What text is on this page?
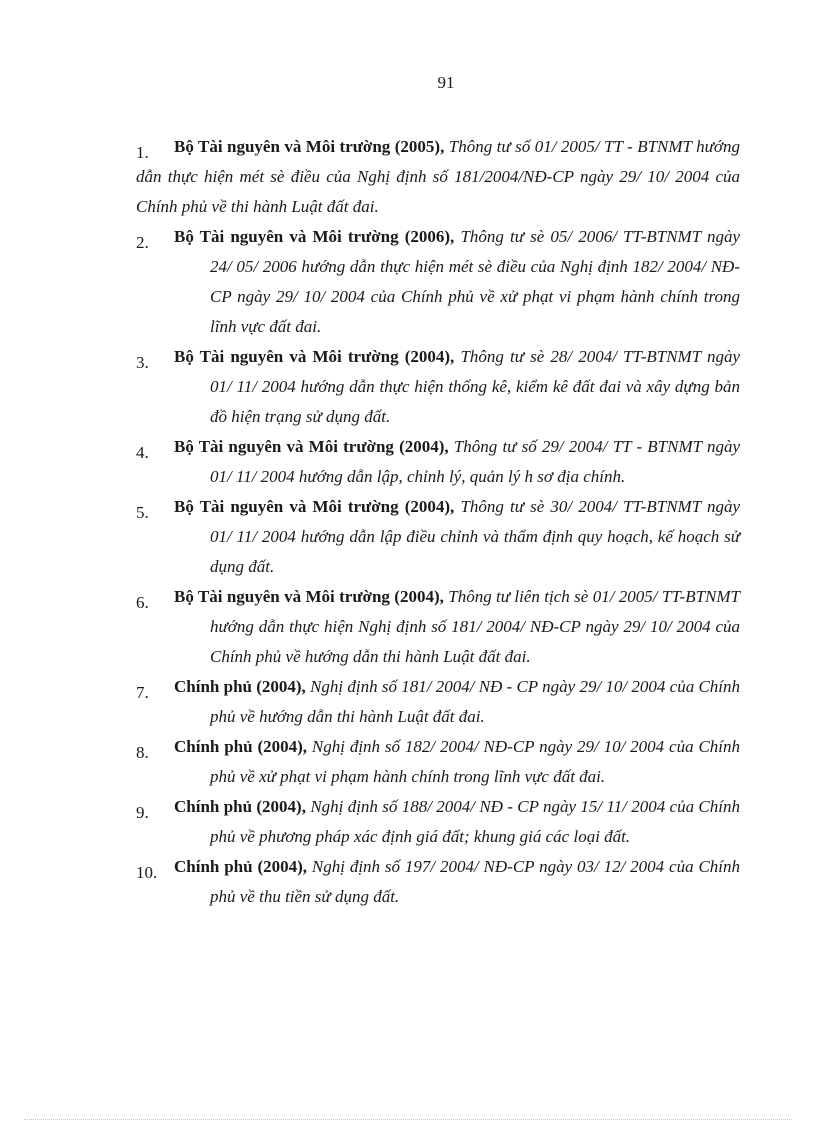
91
1.	Bộ Tài nguyên và Môi trường (2005), Thông tư số 01/ 2005/ TT - BTNMT hướng dẫn thực hiện mét sè điều của Nghị định số 181/2004/NĐ-CP ngày 29/ 10/ 2004 của Chính phủ về thi hành Luật đất đai.
2.	Bộ Tài nguyên và Môi trường (2006), Thông tư sè 05/ 2006/ TT-BTNMT ngày 24/ 05/ 2006 hướng dẫn thực hiện mét sè điều của Nghị định 182/ 2004/ NĐ-CP ngày 29/ 10/ 2004 của Chính phủ về xử phạt vi phạm hành chính trong lĩnh vực đất đai.
3.	Bộ Tài nguyên và Môi trường (2004), Thông tư sè 28/ 2004/ TT-BTNMT ngày 01/ 11/ 2004 hướng dẫn thực hiện thống kê, kiểm kê đất đai và xây dựng bản đồ hiện trạng sử dụng đất.
4.	Bộ Tài nguyên và Môi trường (2004), Thông tư số 29/ 2004/ TT - BTNMT ngày 01/ 11/ 2004 hướng dẫn lập, chỉnh lý, quản lý h sơ địa chính.
5.	Bộ Tài nguyên và Môi trường (2004), Thông tư sè 30/ 2004/ TT-BTNMT ngày 01/ 11/ 2004 hướng dẫn lập điều chỉnh và thẩm định quy hoạch, kế hoạch sử dụng đất.
6.	Bộ Tài nguyên và Môi trường (2004), Thông tư liên tịch sè 01/ 2005/ TT-BTNMT hướng dẫn thực hiện Nghị định số 181/ 2004/ NĐ-CP ngày 29/ 10/ 2004 của Chính phủ về hướng dẫn thi hành Luật đất đai.
7.	Chính phủ (2004), Nghị định số 181/ 2004/ NĐ - CP ngày 29/ 10/ 2004 của Chính phủ về hướng dẫn thi hành Luật đất đai.
8.	Chính phủ (2004), Nghị định số 182/ 2004/ NĐ-CP ngày 29/ 10/ 2004 của Chính phủ về xử phạt vi phạm hành chính trong lĩnh vực đất đai.
9.	Chính phủ (2004), Nghị định số 188/ 2004/ NĐ - CP ngày 15/ 11/ 2004 của Chính phủ về phương pháp xác định giá đất; khung giá các loại đất.
10. Chính phủ (2004), Nghị định số 197/ 2004/ NĐ-CP ngày 03/ 12/ 2004 của Chính phủ về thu tiền sử dụng đất.
